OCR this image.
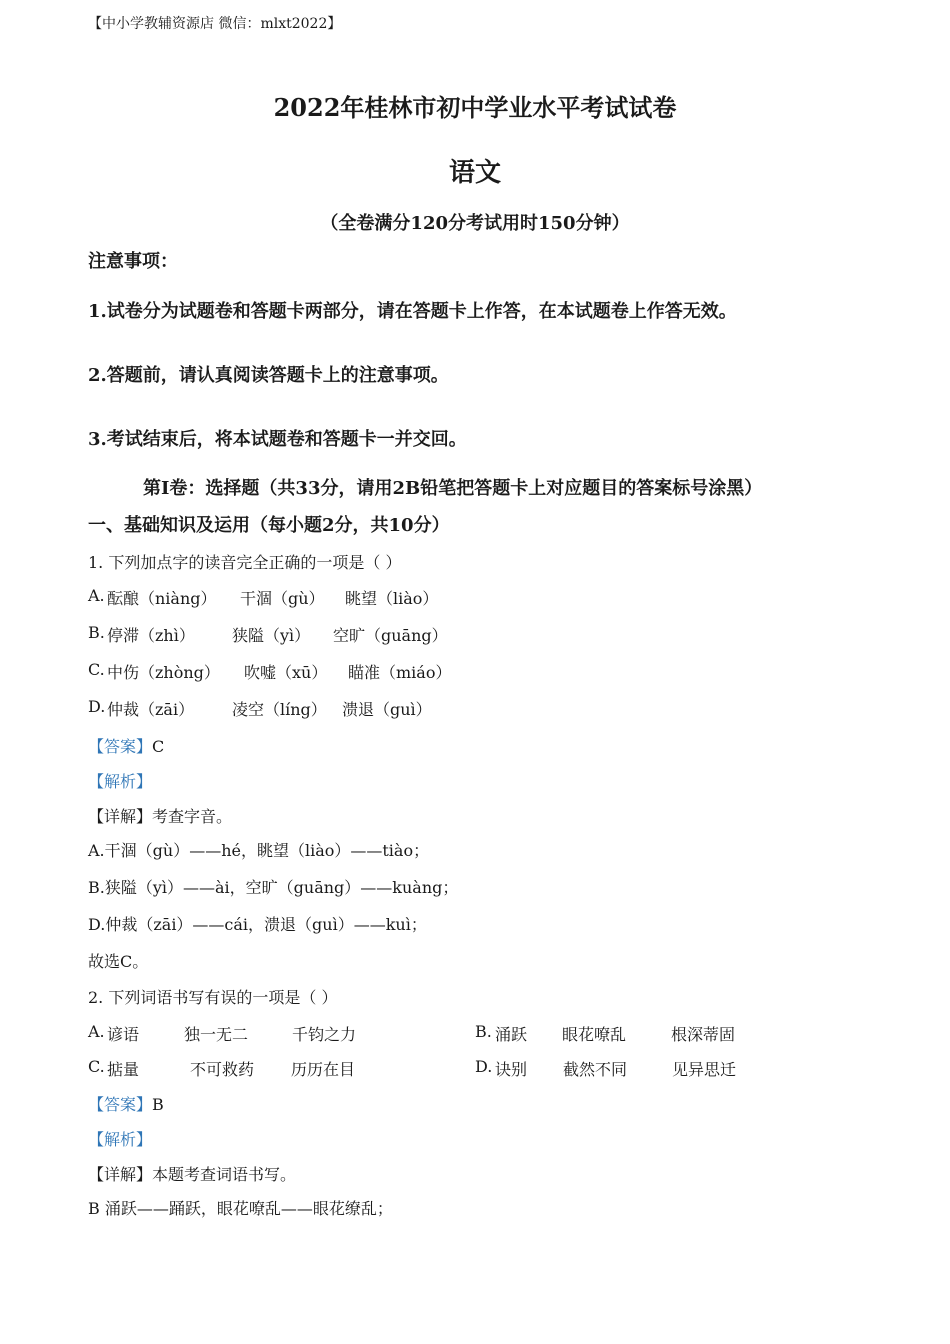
【中小学教辅资源店 微信：mlxt2022】
2022年桂林市初中学业水平考试试卷
语文
（全卷满分120分考试用时150分钟）
注意事项：
1.试卷分为试题卷和答题卡两部分，请在答题卡上作答，在本试题卷上作答无效。
2.答题前，请认真阅读答题卡上的注意事项。
3.考试结束后，将本试题卷和答题卡一并交回。
第Ⅰ卷：选择题（共33分，请用2B铅笔把答题卡上对应题目的答案标号涂黑）
一、基础知识及运用（每小题2分，共10分）
1. 下列加点字的读音完全正确的一项是（ ）
A. 酝酿（niàng） 干涸（gù） 眺望（liào）
B. 停滞（zhì） 狭隘（yì） 空旷（guāng）
C. 中伤（zhòng） 吹嘘（xū） 瞄准（miáo）
D. 仲裁（zāi） 凌空（líng） 溃退（guì）
【答案】C
【解析】
【详解】考查字音。
A.干涸（gù）——hé，眺望（liào）——tiào；
B.狭隘（yì）——ài，空旷（guāng）——kuàng；
D.仲裁（zāi）——cái，溃退（guì）——kuì；
故选C。
2. 下列词语书写有误的一项是（ ）
A. 谚语	独一无二	千钧之力	B. 涌跃 眼花嘹乱	根深蒂固
C. 掂量	不可救药 历历在目	D. 诀别 截然不同	见异思迁
【答案】B
【解析】
【详解】本题考查词语书写。
B 涌跃——踊跃，眼花嘹乱——眼花缭乱；
